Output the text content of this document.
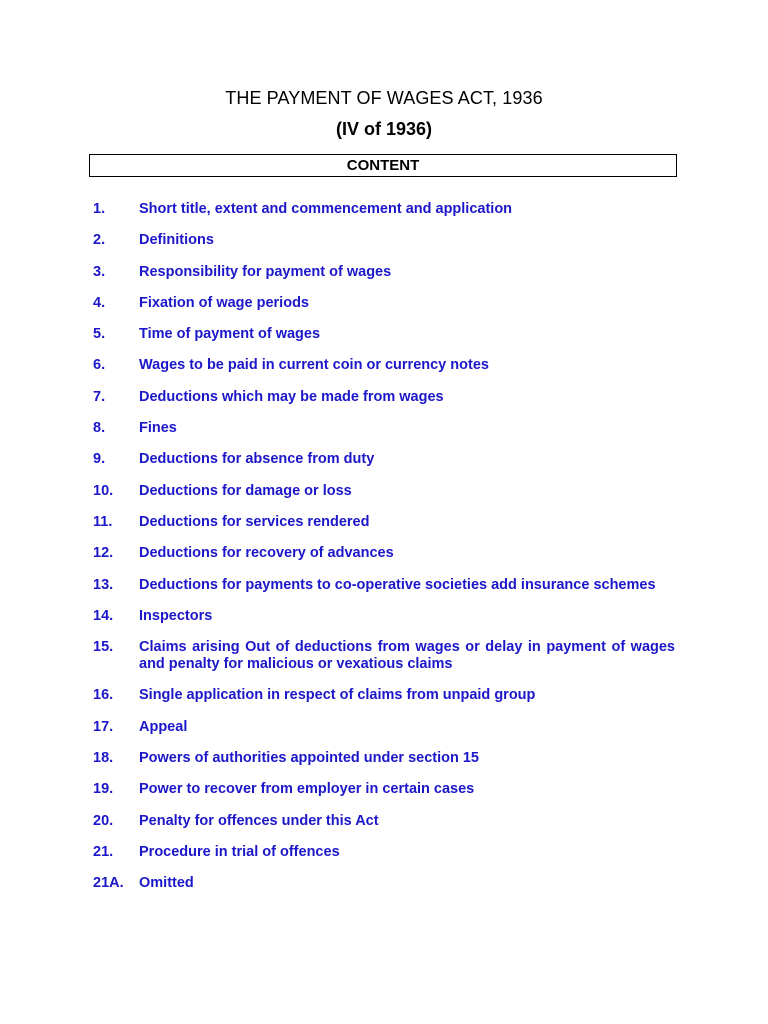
THE PAYMENT OF WAGES ACT, 1936
(IV of 1936)
CONTENT
1.	Short title, extent and commencement and application
2.	Definitions
3.	Responsibility for payment of wages
4.	Fixation of wage periods
5.	Time of payment of wages
6.	Wages to be paid in current coin or currency notes
7.	Deductions which may be made from wages
8.	Fines
9.	Deductions for absence from duty
10.	Deductions for damage or loss
11.	Deductions for services rendered
12.	Deductions for recovery of advances
13.	Deductions for payments to co-operative societies add insurance schemes
14.	Inspectors
15.	Claims arising Out of deductions from wages or delay in payment of wages and penalty for malicious or vexatious claims
16.	Single application in respect of claims from unpaid group
17.	Appeal
18.	Powers of authorities appointed under section 15
19.	Power to recover from employer in certain cases
20.	Penalty for offences under this Act
21.	Procedure in trial of offences
21A.	Omitted
